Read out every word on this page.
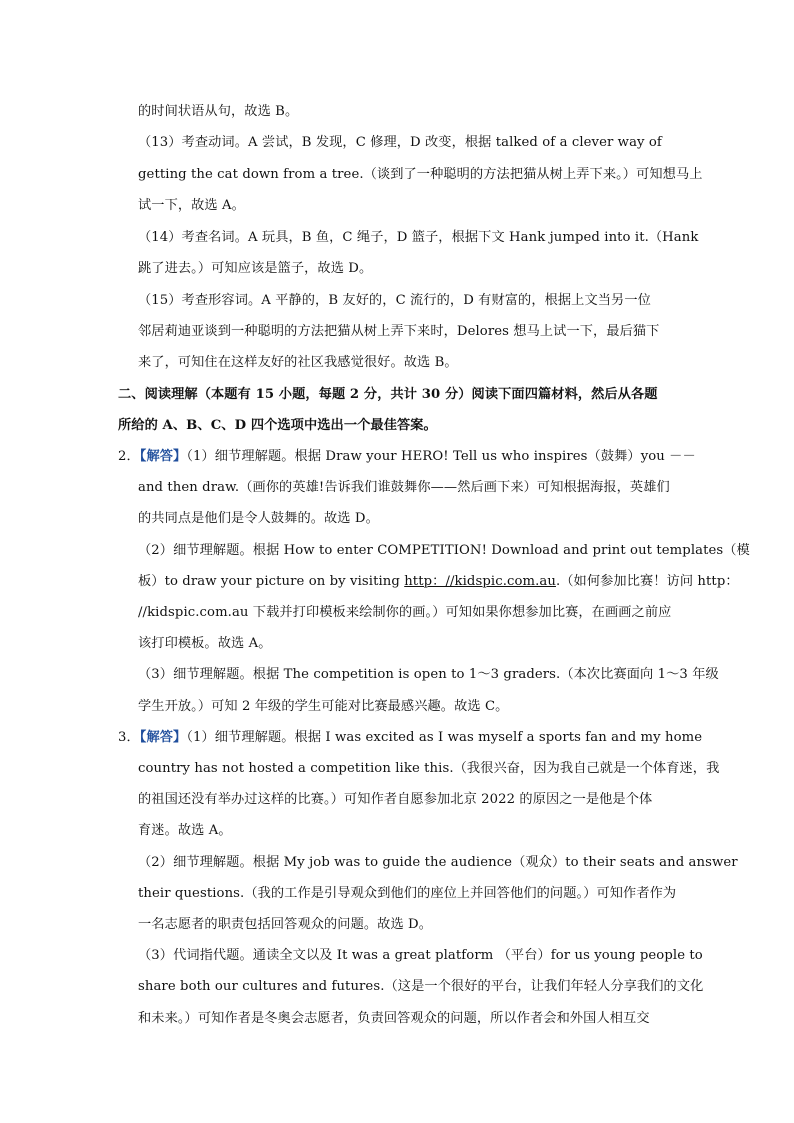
的时间状语从句，故选 B。
（13）考查动词。A 尝试，B 发现，C 修理，D 改变，根据 talked of a clever way of
getting the cat down from a tree.（谈到了一种聪明的方法把猫从树上弄下来。）可知想马上
试一下，故选 A。
（14）考查名词。A 玩具，B 鱼，C 绳子，D 篮子，根据下文 Hank jumped into it.（Hank
跳了进去。）可知应该是篮子，故选 D。
（15）考查形容词。A 平静的，B 友好的，C 流行的，D 有财富的，根据上文当另一位
邻居莉迪亚谈到一种聪明的方法把猫从树上弄下来时，Delores 想马上试一下，最后猫下
来了，可知住在这样友好的社区我感觉很好。故选 B。
二、阅读理解（本题有 15 小题，每题 2 分，共计 30 分）阅读下面四篇材料，然后从各题
所给的 A、B、C、D 四个选项中选出一个最佳答案。
2．【解答】（1）细节理解题。根据 Draw your HERO! Tell us who inspires（鼓舞）you －－
and then draw.（画你的英雄!告诉我们谁鼓舞你——然后画下来）可知根据海报，英雄们
的共同点是他们是令人鼓舞的。故选 D。
（2）细节理解题。根据 How to enter COMPETITION! Download and print out templates（模
板）to draw your picture on by visiting http：//kidspic.com.au.（如何参加比赛！访问 http：
//kidspic.com.au 下载并打印模板来绘制你的画。）可知如果你想参加比赛，在画画之前应
该打印模板。故选 A。
（3）细节理解题。根据 The competition is open to 1～3 graders.（本次比赛面向 1～3 年级
学生开放。）可知 2 年级的学生可能对比赛最感兴趣。故选 C。
3．【解答】（1）细节理解题。根据 I was excited as I was myself a sports fan and my home
country has not hosted a competition like this.（我很兴奋，因为我自己就是一个体育迷，我
的祖国还没有举办过这样的比赛。）可知作者自愿参加北京 2022 的原因之一是他是个体
育迷。故选 A。
（2）细节理解题。根据 My job was to guide the audience（观众）to their seats and answer
their questions.（我的工作是引导观众到他们的座位上并回答他们的问题。）可知作者作为
一名志愿者的职责包括回答观众的问题。故选 D。
（3）代词指代题。通读全文以及 It was a great platform （平台）for us young people to
share both our cultures and futures.（这是一个很好的平台，让我们年轻人分享我们的文化
和未来。）可知作者是冬奥会志愿者，负责回答观众的问题，所以作者会和外国人相互交
